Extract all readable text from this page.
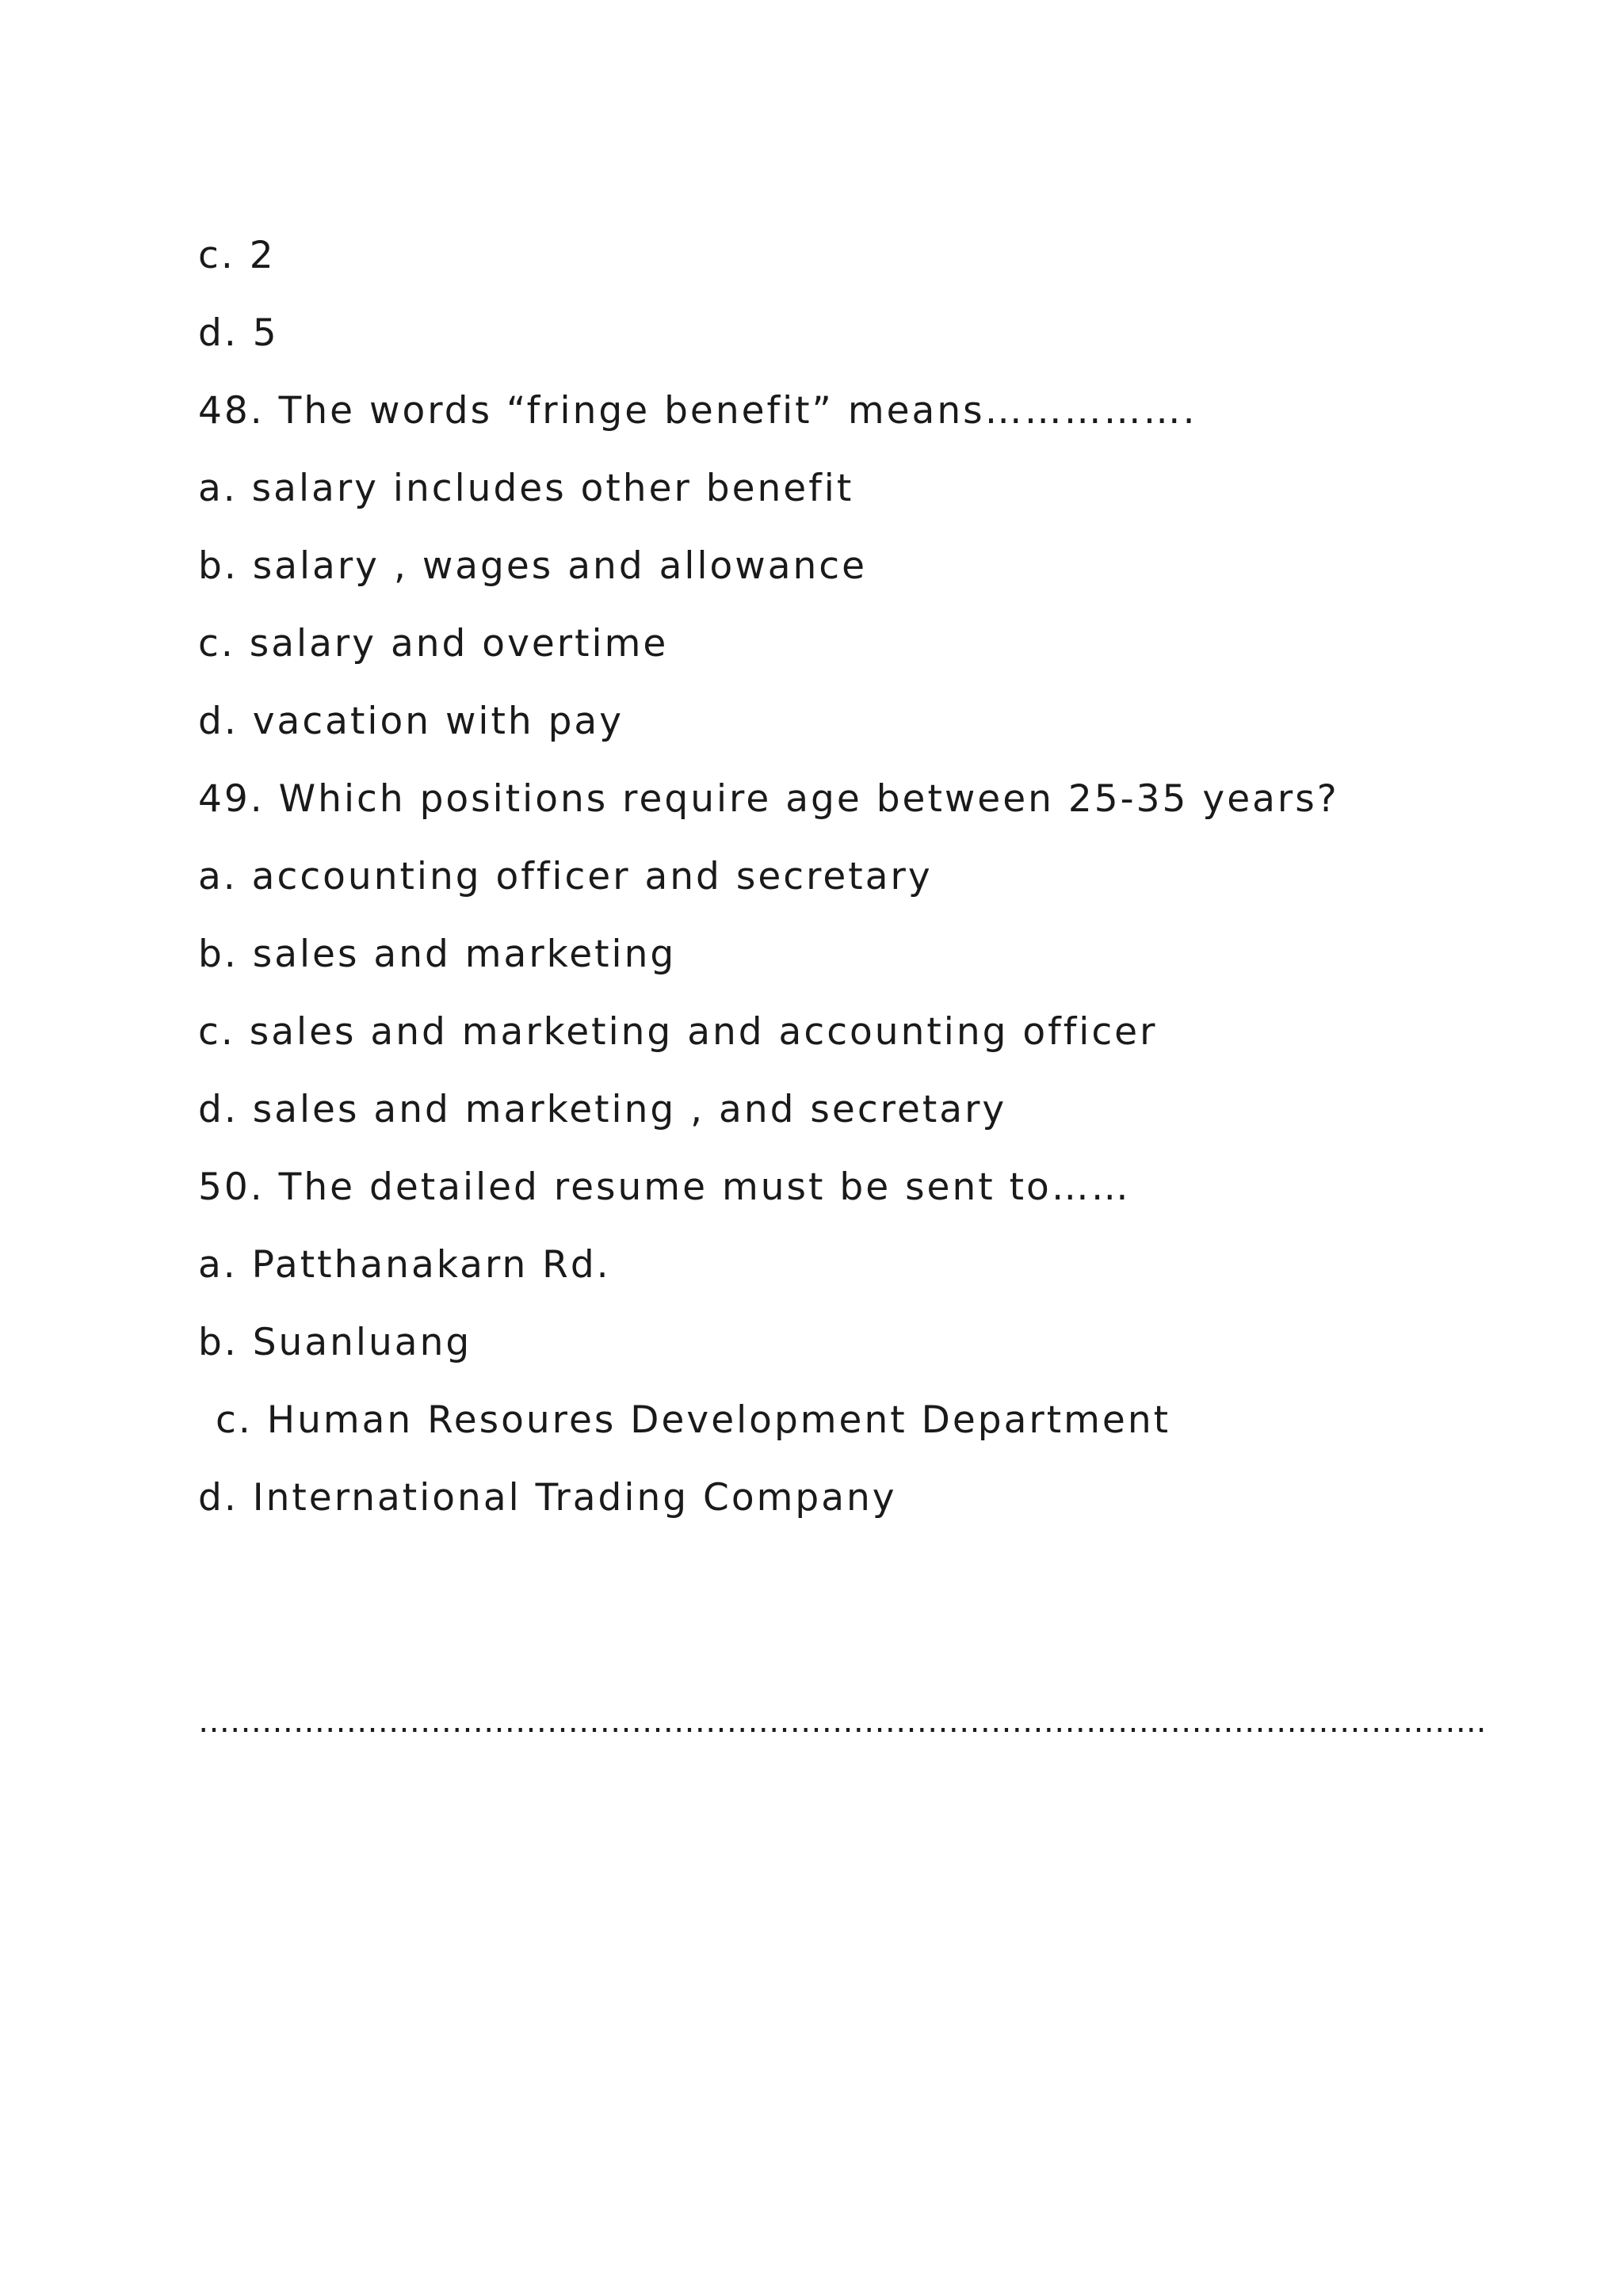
c. 2
d. 5
48. The words “fringe benefit” means…………….
a. salary includes other benefit
b. salary , wages and allowance
c. salary and overtime
d. vacation with pay
49. Which positions require age between 25-35 years?
a. accounting officer and secretary
b. sales and marketing
c. sales and marketing and accounting officer
d. sales and marketing , and secretary
50. The detailed resume must be sent to……
a. Patthanakarn Rd.
b. Suanluang
c. Human Resoures Development Department
d. International Trading Company
…………………………………………………………………………………………………………..
